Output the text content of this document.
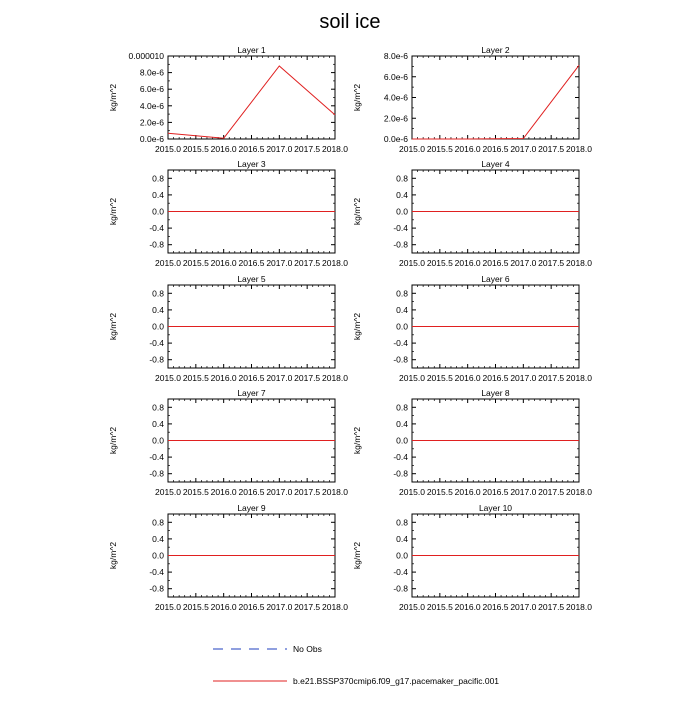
soil ice
Layer 1
kg/m^2
2015.0 2015.5 2016.0 2016.5 2017.0 2017.5 2018.0
0.0e-6
2.0e-6
4.0e-6
6.0e-6
8.0e-6
0.000010
Layer 2
kg/m^2
2015.0 2015.5 2016.0 2016.5 2017.0 2017.5 2018.0
0.0e-6
2.0e-6
4.0e-6
6.0e-6
8.0e-6
Layer 3
kg/m^2
2015.0 2015.5 2016.0 2016.5 2017.0 2017.5 2018.0
-0.8
-0.4
0.0
0.4
0.8
Layer 4
kg/m^2
2015.0 2015.5 2016.0 2016.5 2017.0 2017.5 2018.0
-0.8
-0.4
0.0
0.4
0.8
Layer 5
kg/m^2
2015.0 2015.5 2016.0 2016.5 2017.0 2017.5 2018.0
-0.8
-0.4
0.0
0.4
0.8
Layer 6
kg/m^2
2015.0 2015.5 2016.0 2016.5 2017.0 2017.5 2018.0
-0.8
-0.4
0.0
0.4
0.8
Layer 7
kg/m^2
2015.0 2015.5 2016.0 2016.5 2017.0 2017.5 2018.0
-0.8
-0.4
0.0
0.4
0.8
Layer 8
kg/m^2
2015.0 2015.5 2016.0 2016.5 2017.0 2017.5 2018.0
-0.8
-0.4
0.0
0.4
0.8
Layer 9
kg/m^2
2015.0 2015.5 2016.0 2016.5 2017.0 2017.5 2018.0
-0.8
-0.4
0.0
0.4
0.8
Layer 10
kg/m^2
2015.0 2015.5 2016.0 2016.5 2017.0 2017.5 2018.0
-0.8
-0.4
0.0
0.4
0.8
No Obs
b.e21.BSSP370cmip6.f09_g17.pacemaker_pacific.001
